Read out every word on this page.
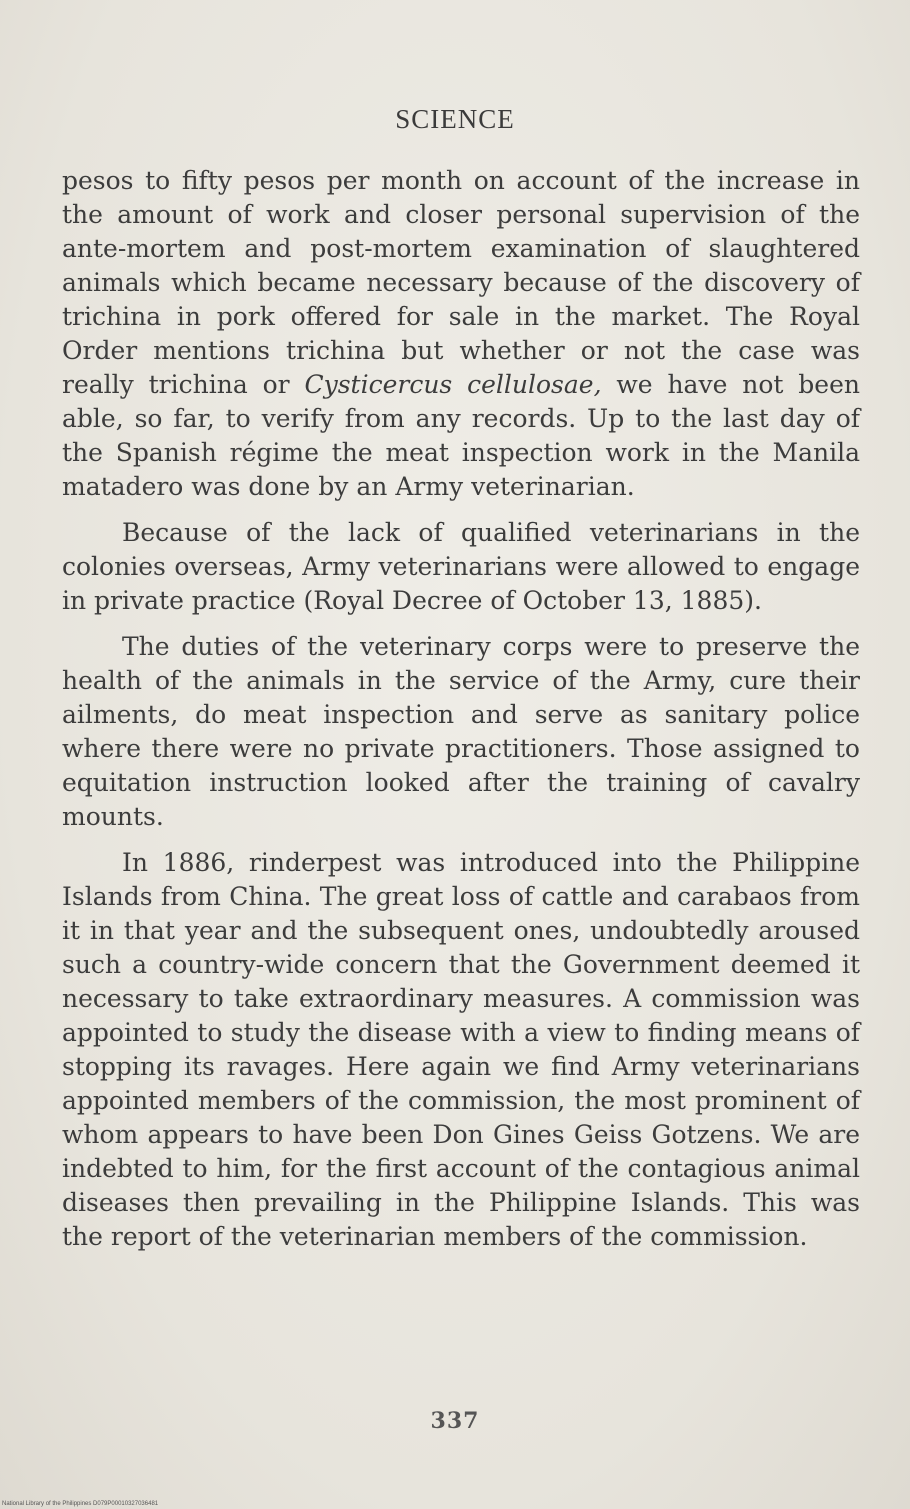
SCIENCE

pesos to fifty pesos per month on account of the increase in the amount of work and closer personal supervision of the ante-mortem and post-mortem examination of slaughtered animals which became necessary because of the discovery of trichina in pork offered for sale in the market. The Royal Order mentions trichina but whether or not the case was really trichina or Cysticercus cellulosae, we have not been able, so far, to verify from any records. Up to the last day of the Spanish régime the meat inspection work in the Manila matadero was done by an Army veterinarian.

Because of the lack of qualified veterinarians in the colonies overseas, Army veterinarians were allowed to engage in private practice (Royal Decree of October 13, 1885).

The duties of the veterinary corps were to preserve the health of the animals in the service of the Army, cure their ailments, do meat inspection and serve as sanitary police where there were no private practitioners. Those assigned to equitation instruction looked after the training of cavalry mounts.

In 1886, rinderpest was introduced into the Philippine Islands from China. The great loss of cattle and carabaos from it in that year and the subsequent ones, undoubtedly aroused such a country-wide concern that the Government deemed it necessary to take extraordinary measures. A commission was appointed to study the disease with a view to finding means of stopping its ravages. Here again we find Army veterinarians appointed members of the commission, the most prominent of whom appears to have been Don Gines Geiss Gotzens. We are indebted to him, for the first account of the contagious animal diseases then prevailing in the Philippine Islands. This was the report of the veterinarian members of the commission.

337
National Library of the Philippines D079P00010327036481
